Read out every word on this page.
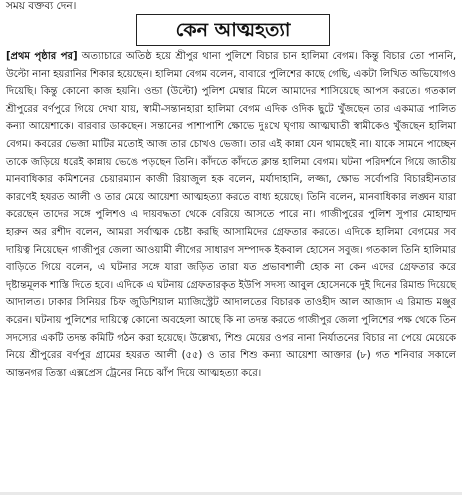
সময় বক্তব্য দেন।
কেন আত্মহত্যা

[প্রথম পৃষ্ঠার পর] অত্যাচারে অতিষ্ঠ হয়ে শ্রীপুর থানা পুলিশে বিচার চান হালিমা বেগম। কিন্তু বিচার তো পাননি, উল্টো নানা হয়রানির শিকার হয়েছেন। হালিমা বেগম বলেন, বাবারে পুলিশের কাছে গেছি, একটা লিখিত অভিযোগও দিয়েছি। কিন্তু কোনো কাজ হয়নি। ওন্ডা (উল্টো) পুলিশ মেম্বার মিলে আমাদের শাসিয়েছে আপস করতে। গতকাল শ্রীপুরের বর্ণপুরে গিয়ে দেখা যায়, স্বামী-সন্তানহারা হালিমা বেগম এদিক ওদিক ছুটে খুঁজছেন তার একমাত্র পালিত কন্যা আয়েশাকে। বারবার ডাকছেন। সন্তানের পাশাপাশি ক্ষোভে দুঃখে ঘৃণায় আত্মঘাতী স্বামীকেও খুঁজছেন হালিমা বেগম। কবরের ভেজা মাটির মতোই আজ তার চোখও ভেজা। তার এই কান্না যেন থামছেই না। যাকে সামনে পাচ্ছেন তাকে জড়িয়ে ধরেই কান্নায় ভেঙে পড়ছেন তিনি। কাঁদতে কাঁদতে ক্লান্ত হালিমা বেগম। ঘটনা পরিদর্শনে গিয়ে জাতীয় মানবাধিকার কমিশনের চেয়ারম্যান কাজী রিয়াজুল হক বলেন, মর্যাদাহানি, লজ্জা, ক্ষোভ সর্বোপরি বিচারহীনতার কারণেই হযরত আলী ও তার মেয়ে আয়েশা আত্মহত্যা করতে বাধ্য হয়েছে। তিনি বলেন, মানবাধিকার লঙ্ঘন যারা করেছেন তাদের সঙ্গে পুলিশও এ দায়বদ্ধতা থেকে বেরিয়ে আসতে পারে না। গাজীপুরের পুলিশ সুপার মোহাম্মদ হারুন অর রশীদ বলেন, আমরা সর্বাত্মক চেষ্টা করছি আসামিদের গ্রেফতার করতে। এদিকে হালিমা বেগমের সব দায়িত্ব নিয়েছেন গাজীপুর জেলা আওয়ামী লীগের সাধারণ সম্পাদক ইকবাল হোসেন সবুজ। গতকাল তিনি হালিমার বাড়িতে গিয়ে বলেন, এ ঘটনার সঙ্গে যারা জড়িত তারা যত প্রভাবশালী হোক না কেন এদের গ্রেফতার করে দৃষ্টান্তমূলক শাস্তি দিতে হবে। এদিকে এ ঘটনায় গ্রেফতারকৃত ইউপি সদস্য আবুল হোসেনকে দুই দিনের রিমান্ড দিয়েছে আদালত। ঢাকার সিনিয়র চিফ জুডিশিয়াল ম্যাজিস্ট্রেট আদালতের বিচারক তাওহীদ আল আজাদ এ রিমান্ড মঞ্জুর করেন। ঘটনায় পুলিশের দায়িত্বে কোনো অবহেলা আছে কি না তদন্ত করতে গাজীপুর জেলা পুলিশের পক্ষ থেকে তিন সদস্যের একটি তদন্ত কমিটি গঠন করা হয়েছে। উল্লেখ্য, শিশু মেয়ের ওপর নানা নির্যাতনের বিচার না পেয়ে মেয়েকে নিয়ে শ্রীপুরের বর্ণপুর গ্রামের হযরত আলী (৫৫) ও তার শিশু কন্যা আয়েশা আক্তার (৮) গত শনিবার সকালে আন্তনগর তিস্তা এক্সপ্রেস ট্রেনের নিচে ঝাঁপ দিয়ে আত্মহত্যা করে।
